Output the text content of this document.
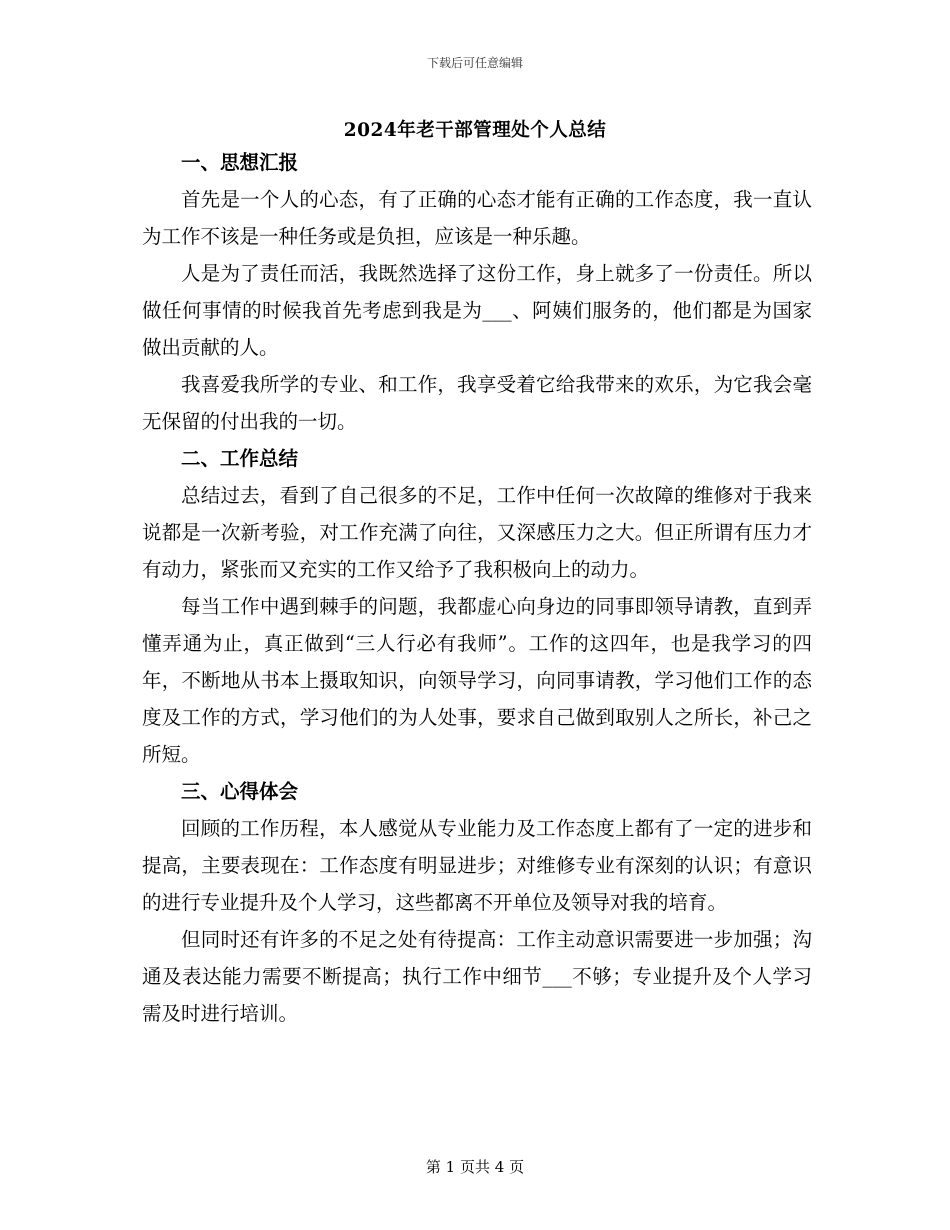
下载后可任意编辑
2024年老干部管理处个人总结
一、思想汇报

首先是一个人的心态，有了正确的心态才能有正确的工作态度，我一直认为工作不该是一种任务或是负担，应该是一种乐趣。

人是为了责任而活，我既然选择了这份工作，身上就多了一份责任。所以做任何事情的时候我首先考虑到我是为___、阿姨们服务的，他们都是为国家做出贡献的人。

我喜爱我所学的专业、和工作，我享受着它给我带来的欢乐，为它我会毫无保留的付出我的一切。

二、工作总结

总结过去，看到了自己很多的不足，工作中任何一次故障的维修对于我来说都是一次新考验，对工作充满了向往，又深感压力之大。但正所谓有压力才有动力，紧张而又充实的工作又给予了我积极向上的动力。

每当工作中遇到棘手的问题，我都虚心向身边的同事即领导请教，直到弄懂弄通为止，真正做到“三人行必有我师”。工作的这四年，也是我学习的四年，不断地从书本上摄取知识，向领导学习，向同事请教，学习他们工作的态度及工作的方式，学习他们的为人处事，要求自己做到取别人之所长，补己之所短。

三、心得体会

回顾的工作历程，本人感觉从专业能力及工作态度上都有了一定的进步和提高，主要表现在：工作态度有明显进步；对维修专业有深刻的认识；有意识的进行专业提升及个人学习，这些都离不开单位及领导对我的培育。

但同时还有许多的不足之处有待提高：工作主动意识需要进一步加强；沟通及表达能力需要不断提高；执行工作中细节___不够；专业提升及个人学习需及时进行培训。

第 1 页共 4 页
